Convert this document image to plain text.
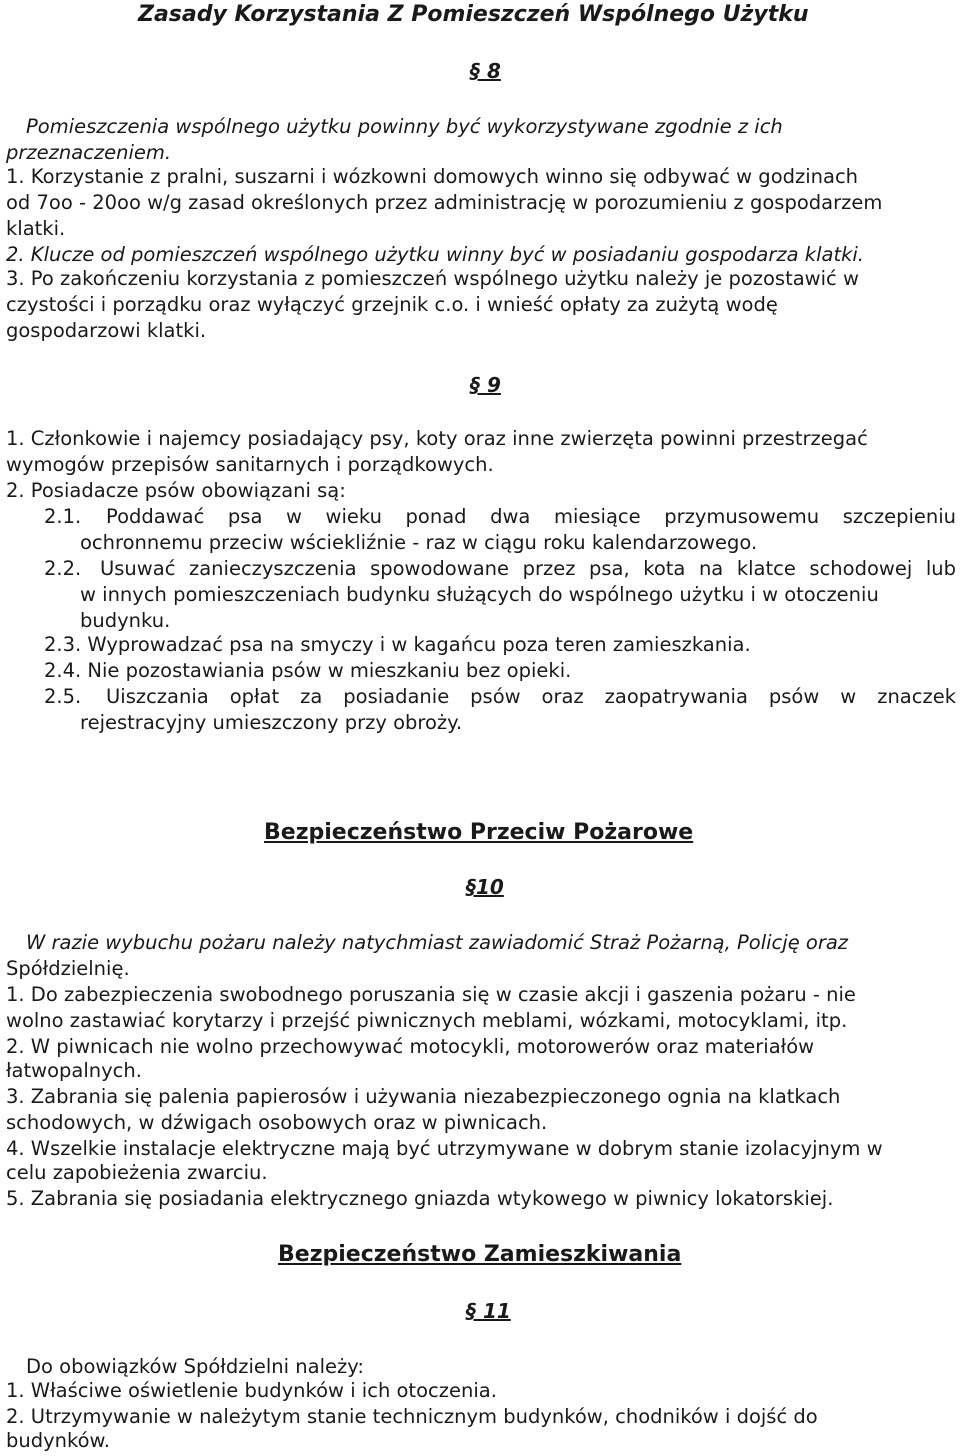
Zasady Korzystania Z Pomieszczeń Wspólnego Użytku
§ 8
Pomieszczenia wspólnego użytku powinny być wykorzystywane zgodnie z ich
przeznaczeniem.
1. Korzystanie z pralni, suszarni i wózkowni domowych winno się odbywać w godzinach
od 7oo - 20oo w/g zasad określonych przez administrację w porozumieniu z gospodarzem
klatki.
2. Klucze od pomieszczeń wspólnego użytku winny być w posiadaniu gospodarza klatki.
3. Po zakończeniu korzystania z pomieszczeń wspólnego użytku należy je pozostawić w
czystości i porządku oraz wyłączyć grzejnik c.o. i wnieść opłaty za zużytą wodę
gospodarzowi klatki.
§ 9
1. Członkowie i najemcy posiadający psy, koty oraz inne zwierzęta powinni przestrzegać
wymogów przepisów sanitarnych i porządkowych.
2. Posiadacze psów obowiązani są:
2.1. Poddawać psa w wieku ponad dwa miesiące przymusowemu szczepieniu
ochronnemu przeciw wściekliźnie - raz w ciągu roku kalendarzowego.
2.2. Usuwać zanieczyszczenia spowodowane przez psa, kota na klatce schodowej lub
w innych pomieszczeniach budynku służących do wspólnego użytku i w otoczeniu
budynku.
2.3. Wyprowadzać psa na smyczy i w kagańcu poza teren zamieszkania.
2.4. Nie pozostawiania psów w mieszkaniu bez opieki.
2.5. Uiszczania opłat za posiadanie psów oraz zaopatrywania psów w znaczek
rejestracyjny umieszczony przy obroży.
Bezpieczeństwo Przeciw Pożarowe
§10
W razie wybuchu pożaru należy natychmiast zawiadomić Straż Pożarną, Policję oraz
Spółdzielnię.
1. Do zabezpieczenia swobodnego poruszania się w czasie akcji i gaszenia pożaru - nie
wolno zastawiać korytarzy i przejść piwnicznych meblami, wózkami, motocyklami, itp.
2. W piwnicach nie wolno przechowywać motocykli, motorowerów oraz materiałów
łatwopalnych.
3. Zabrania się palenia papierosów i używania niezabezpieczonego ognia na klatkach
schodowych, w dźwigach osobowych oraz w piwnicach.
4. Wszelkie instalacje elektryczne mają być utrzymywane w dobrym stanie izolacyjnym w
celu zapobieżenia zwarciu.
5. Zabrania się posiadania elektrycznego gniazda wtykowego w piwnicy lokatorskiej.
Bezpieczeństwo Zamieszkiwania
§ 11
Do obowiązków Spółdzielni należy:
1. Właściwe oświetlenie budynków i ich otoczenia.
2. Utrzymywanie w należytym stanie technicznym budynków, chodników i dojść do
budynków.
